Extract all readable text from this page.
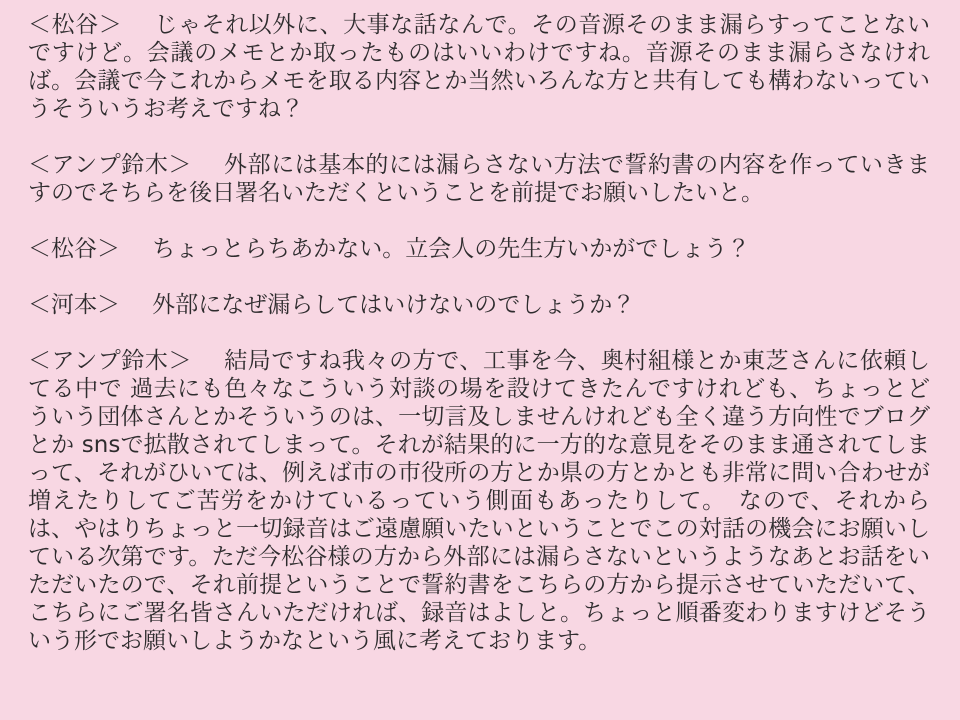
＜松谷＞ じゃそれ以外に、大事な話なんで。その音源そのまま漏らすってことないですけど。会議のメモとか取ったものはいいわけですね。音源そのまま漏らさなければ。会議で今これからメモを取る内容とか当然いろんな方と共有しても構わないっていうそういうお考えですね？

＜アンプ鈴木＞ 外部には基本的には漏らさない方法で誓約書の内容を作っていきますのでそちらを後日署名いただくということを前提でお願いしたいと。

＜松谷＞ ちょっとらちあかない。立会人の先生方いかがでしょう？

＜河本＞ 外部になぜ漏らしてはいけないのでしょうか？

＜アンプ鈴木＞ 結局ですね我々の方で、工事を今、奥村組様とか東芝さんに依頼してる中で 過去にも色々なこういう対談の場を設けてきたんですけれども、ちょっとどういう団体さんとかそういうのは、一切言及しませんけれども全く違う方向性でブログとか snsで拡散されてしまって。それが結果的に一方的な意見をそのまま通されてしまって、それがひいては、例えば市の市役所の方とか県の方とかとも非常に問い合わせが増えたりしてご苦労をかけているっていう側面もあったりして。　なので、それからは、やはりちょっと一切録音はご遠慮願いたいということでこの対話の機会にお願いしている次第です。ただ今松谷様の方から外部には漏らさないというようなあとお話をいただいたので、それ前提ということで誓約書をこちらの方から提示させていただいて、こちらにご署名皆さんいただければ、録音はよしと。ちょっと順番変わりますけどそういう形でお願いしようかなという風に考えております。
